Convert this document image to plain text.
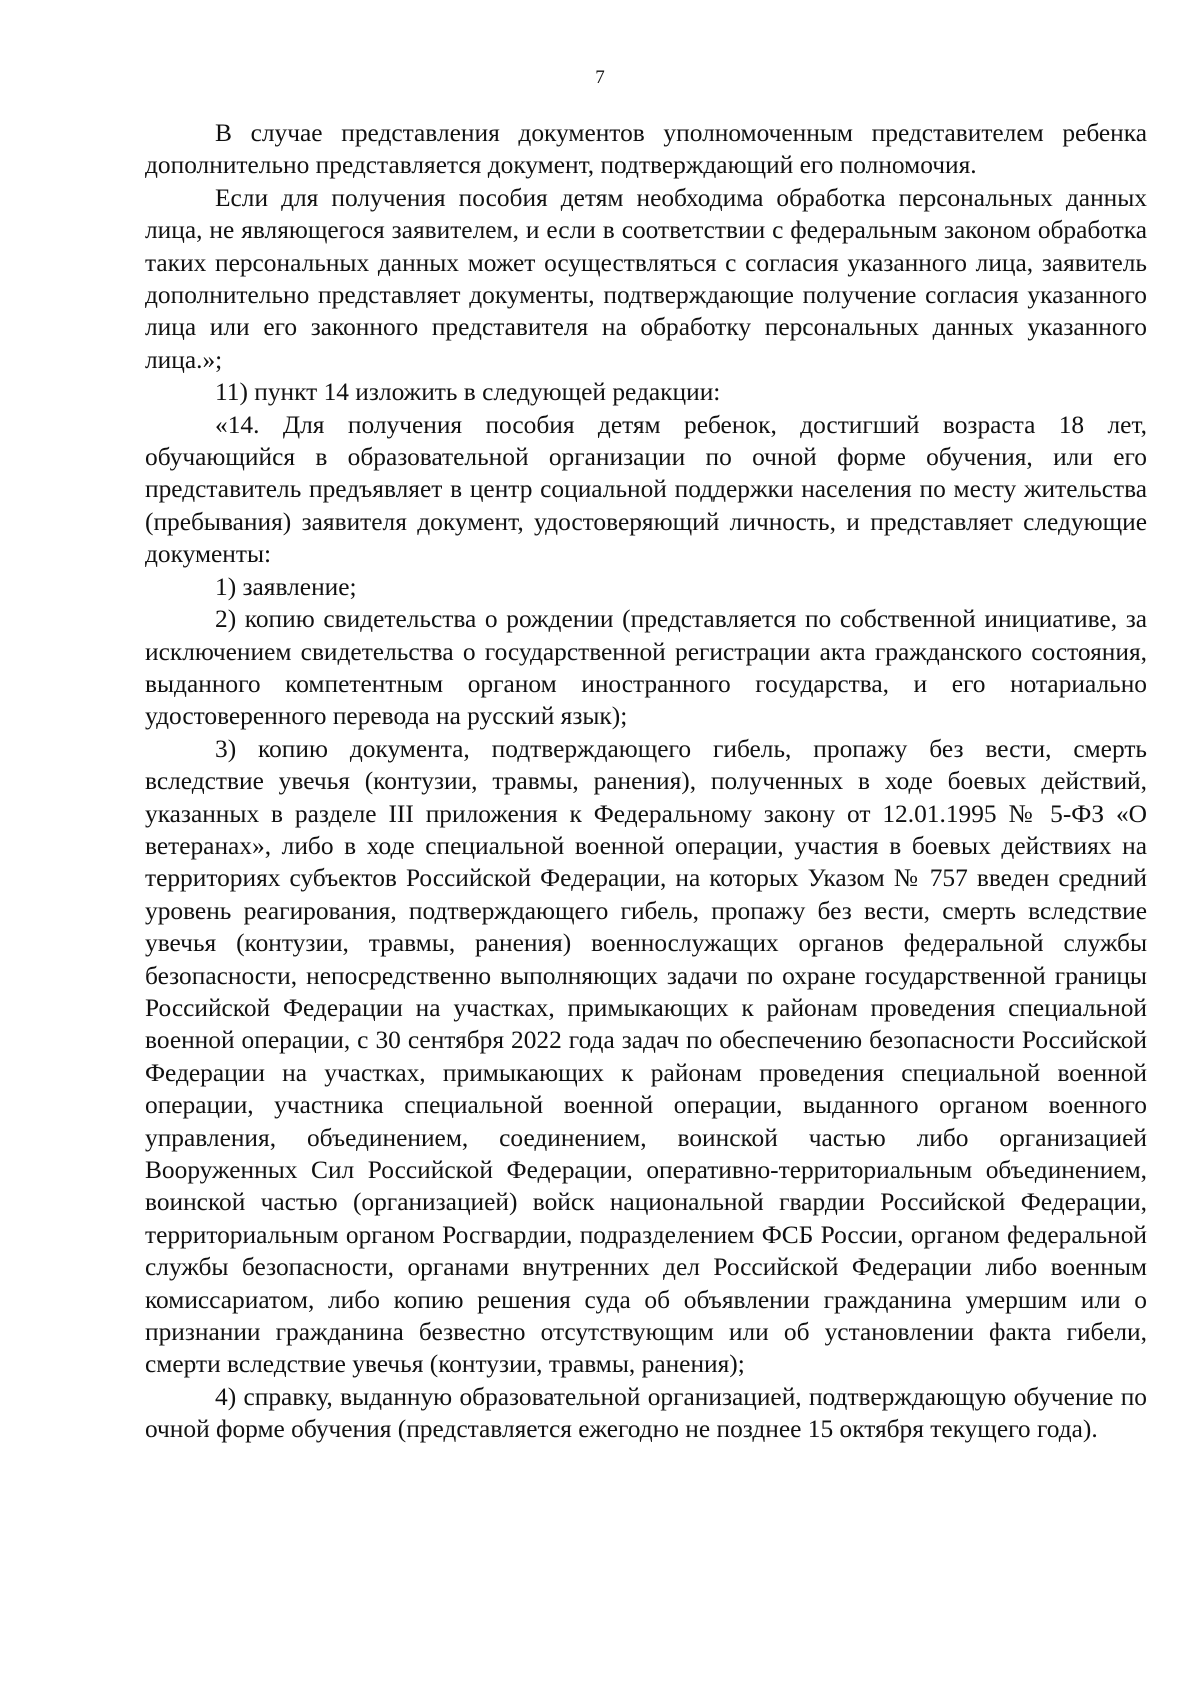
7

В случае представления документов уполномоченным представителем ребенка дополнительно представляется документ, подтверждающий его полномочия.

Если для получения пособия детям необходима обработка персональных данных лица, не являющегося заявителем, и если в соответствии с федеральным законом обработка таких персональных данных может осуществляться с согласия указанного лица, заявитель дополнительно представляет документы, подтверждающие получение согласия указанного лица или его законного представителя на обработку персональных данных указанного лица.»;

11) пункт 14 изложить в следующей редакции:

«14. Для получения пособия детям ребенок, достигший возраста 18 лет, обучающийся в образовательной организации по очной форме обучения, или его представитель предъявляет в центр социальной поддержки населения по месту жительства (пребывания) заявителя документ, удостоверяющий личность, и представляет следующие документы:

1) заявление;

2) копию свидетельства о рождении (представляется по собственной инициативе, за исключением свидетельства о государственной регистрации акта гражданского состояния, выданного компетентным органом иностранного государства, и его нотариально удостоверенного перевода на русский язык);

3) копию документа, подтверждающего гибель, пропажу без вести, смерть вследствие увечья (контузии, травмы, ранения), полученных в ходе боевых действий, указанных в разделе III приложения к Федеральному закону от 12.01.1995 № 5-ФЗ «О ветеранах», либо в ходе специальной военной операции, участия в боевых действиях на территориях субъектов Российской Федерации, на которых Указом № 757 введен средний уровень реагирования, подтверждающего гибель, пропажу без вести, смерть вследствие увечья (контузии, травмы, ранения) военнослужащих органов федеральной службы безопасности, непосредственно выполняющих задачи по охране государственной границы Российской Федерации на участках, примыкающих к районам проведения специальной военной операции, с 30 сентября 2022 года задач по обеспечению безопасности Российской Федерации на участках, примыкающих к районам проведения специальной военной операции, участника специальной военной операции, выданного органом военного управления, объединением, соединением, воинской частью либо организацией Вооруженных Сил Российской Федерации, оперативно-территориальным объединением, воинской частью (организацией) войск национальной гвардии Российской Федерации, территориальным органом Росгвардии, подразделением ФСБ России, органом федеральной службы безопасности, органами внутренних дел Российской Федерации либо военным комиссариатом, либо копию решения суда об объявлении гражданина умершим или о признании гражданина безвестно отсутствующим или об установлении факта гибели, смерти вследствие увечья (контузии, травмы, ранения);

4) справку, выданную образовательной организацией, подтверждающую обучение по очной форме обучения (представляется ежегодно не позднее 15 октября текущего года).
